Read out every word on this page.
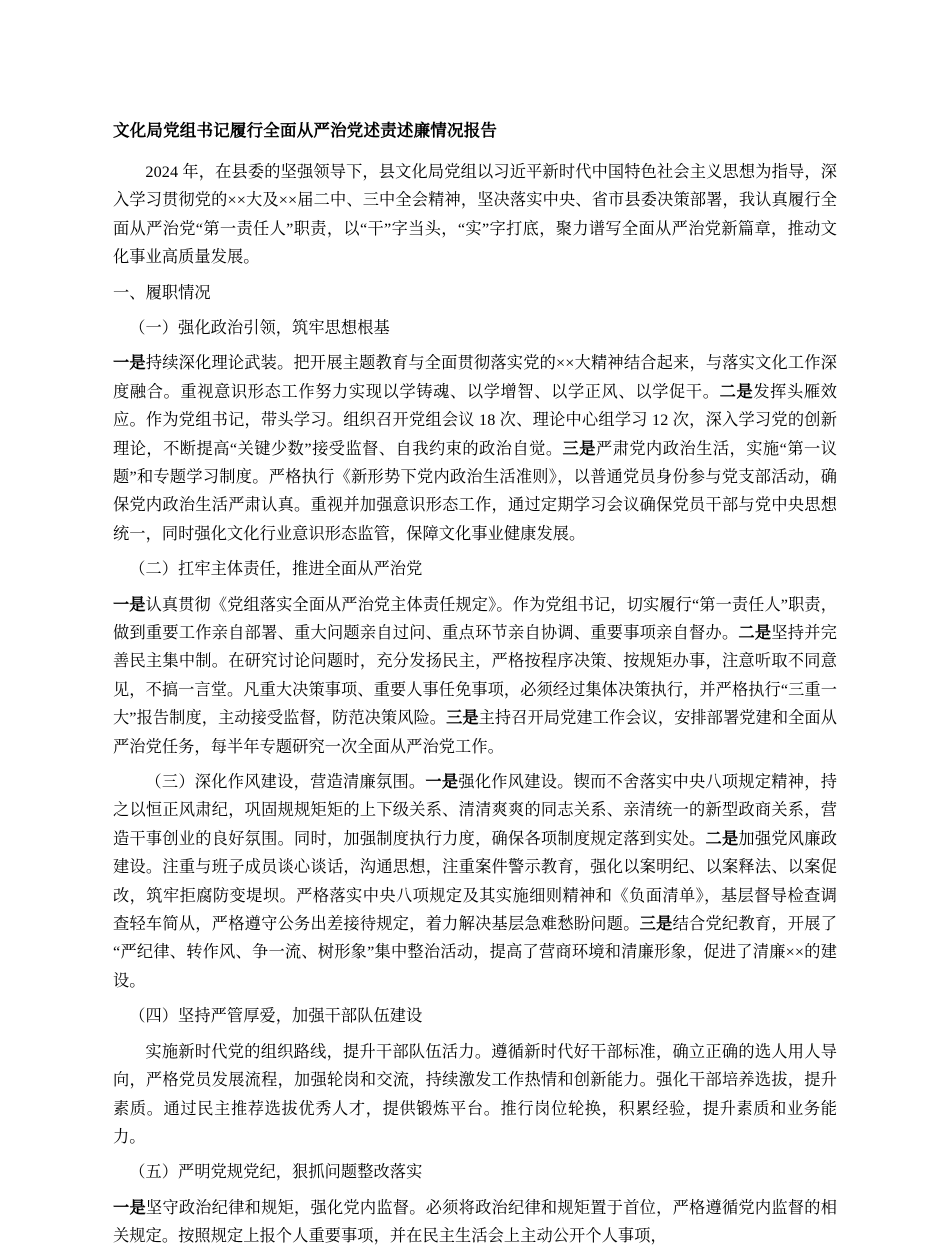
文化局党组书记履行全面从严治党述责述廉情况报告

2024 年，在县委的坚强领导下，县文化局党组以习近平新时代中国特色社会主义思想为指导，深入学习贯彻党的××大及××届二中、三中全会精神，坚决落实中央、省市县委决策部署，我认真履行全面从严治党“第一责任人”职责，以“干”字当头，“实”字打底，聚力谱写全面从严治党新篇章，推动文化事业高质量发展。

一、履职情况

（一）强化政治引领，筑牢思想根基

一是持续深化理论武装。把开展主题教育与全面贯彻落实党的××大精神结合起来，与落实文化工作深度融合。重视意识形态工作努力实现以学铸魂、以学增智、以学正风、以学促干。二是发挥头雁效应。作为党组书记，带头学习。组织召开党组会议 18 次、理论中心组学习 12 次，深入学习党的创新理论，不断提高“关键少数”接受监督、自我约束的政治自觉。三是严肃党内政治生活，实施“第一议题”和专题学习制度。严格执行《新形势下党内政治生活准则》，以普通党员身份参与党支部活动，确保党内政治生活严肃认真。重视并加强意识形态工作，通过定期学习会议确保党员干部与党中央思想统一，同时强化文化行业意识形态监管，保障文化事业健康发展。

（二）扛牢主体责任，推进全面从严治党

一是认真贯彻《党组落实全面从严治党主体责任规定》。作为党组书记，切实履行“第一责任人”职责，做到重要工作亲自部署、重大问题亲自过问、重点环节亲自协调、重要事项亲自督办。二是坚持并完善民主集中制。在研究讨论问题时，充分发扬民主，严格按程序决策、按规矩办事，注意听取不同意见，不搞一言堂。凡重大决策事项、重要人事任免事项，必须经过集体决策执行，并严格执行“三重一大”报告制度，主动接受监督，防范决策风险。三是主持召开局党建工作会议，安排部署党建和全面从严治党任务，每半年专题研究一次全面从严治党工作。

（三）深化作风建设，营造清廉氛围。一是强化作风建设。锲而不舍落实中央八项规定精神，持之以恒正风肃纪，巩固规规矩矩的上下级关系、清清爽爽的同志关系、亲清统一的新型政商关系，营造干事创业的良好氛围。同时，加强制度执行力度，确保各项制度规定落到实处。二是加强党风廉政建设。注重与班子成员谈心谈话，沟通思想，注重案件警示教育，强化以案明纪、以案释法、以案促改，筑牢拒腐防变堤坝。严格落实中央八项规定及其实施细则精神和《负面清单》，基层督导检查调查轻车简从，严格遵守公务出差接待规定，着力解决基层急难愁盼问题。三是结合党纪教育，开展了“严纪律、转作风、争一流、树形象”集中整治活动，提高了营商环境和清廉形象，促进了清廉××的建设。

（四）坚持严管厚爱，加强干部队伍建设

实施新时代党的组织路线，提升干部队伍活力。遵循新时代好干部标准，确立正确的选人用人导向，严格党员发展流程，加强轮岗和交流，持续激发工作热情和创新能力。强化干部培养选拔，提升素质。通过民主推荐选拔优秀人才，提供锻炼平台。推行岗位轮换，积累经验，提升素质和业务能力。

（五）严明党规党纪，狠抓问题整改落实

一是坚守政治纪律和规矩，强化党内监督。必须将政治纪律和规矩置于首位，严格遵循党内监督的相关规定。按照规定上报个人重要事项，并在民主生活会上主动公开个人事项，
